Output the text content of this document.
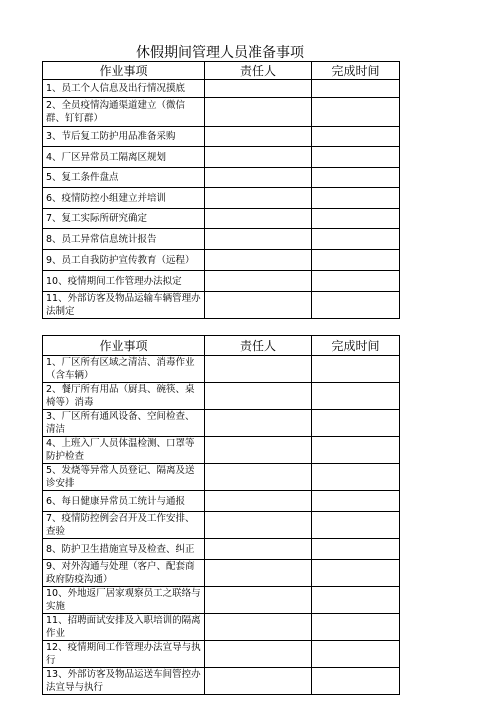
休假期间管理人员准备事项
作业事项	责任人	完成时间

1、员工个人信息及出行情况摸底		

2、全员疫情沟通渠道建立（微信群、钉钉群）		

3、节后复工防护用品准备采购		

4、厂区异常员工隔离区规划		

5、复工条件盘点		

6、疫情防控小组建立并培训		

7、复工实际所研究确定		

8、员工异常信息统计报告		

9、员工自我防护宣传教育（远程）		

10、疫情期间工作管理办法拟定		

11、外部访客及物品运输车辆管理办法制定		

作业事项	责任人	完成时间

1、厂区所有区域之清洁、消毒作业（含车辆）		

2、餐厅所有用品（厨具、碗筷、桌椅等）消毒		

3、厂区所有通风设备、空间检查、清洁		

4、上班入厂人员体温检测、口罩等防护检查		

5、发烧等异常人员登记、隔离及送诊安排		

6、每日健康异常员工统计与通报		

7、疫情防控例会召开及工作安排、查验		

8、防护卫生措施宣导及检查、纠正		

9、对外沟通与处理（客户、配套商政府防疫沟通）		

10、外地返厂居家观察员工之联络与实施		

11、招聘面试安排及入职培训的隔离作业		

12、疫情期间工作管理办法宣导与执行		

13、外部访客及物品运送车间管控办法宣导与执行		
